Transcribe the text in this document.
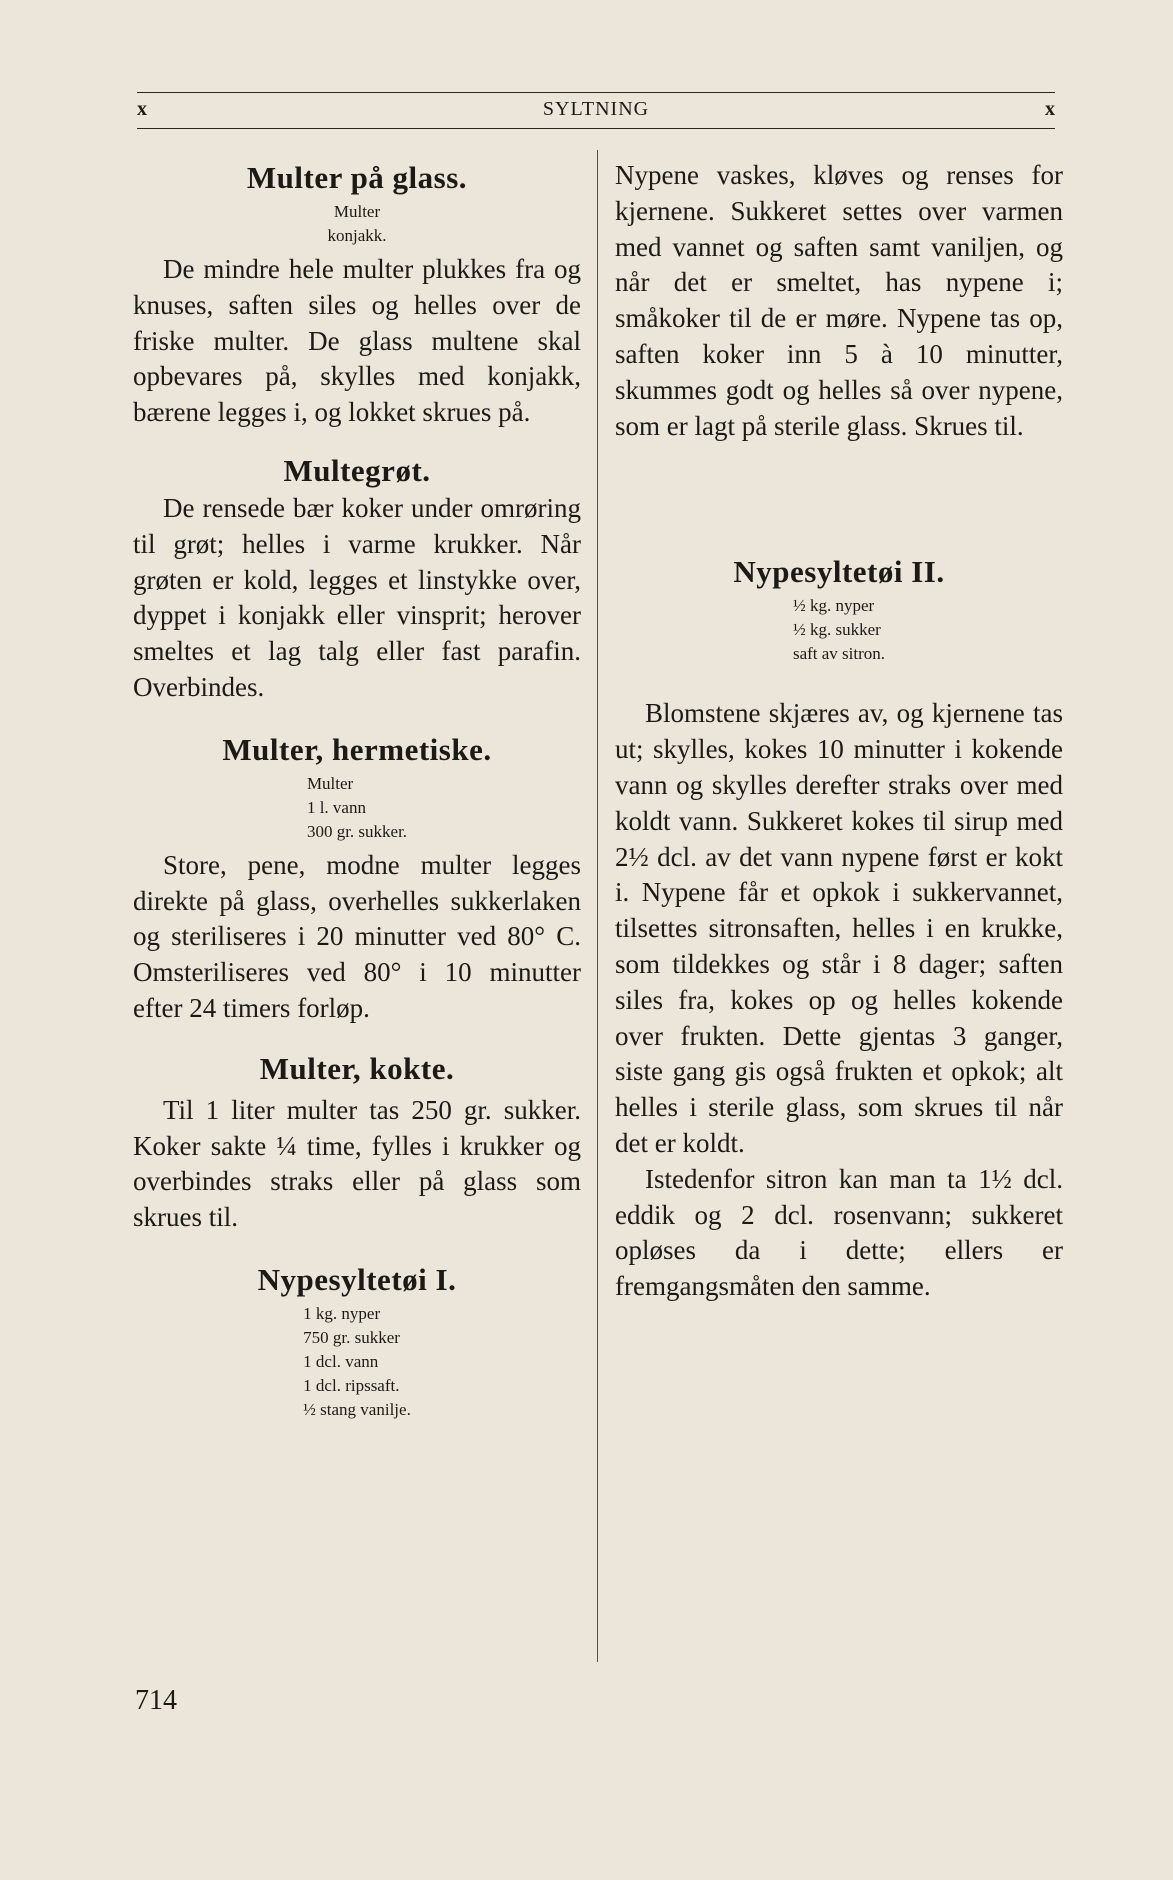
x	SYLTNING	x
Multer på glass.
Multer
konjakk.

De mindre hele multer plukkes fra og knuses, saften siles og helles over de friske multer. De glass multene skal opbevares på, skylles med konjakk, bærene legges i, og lokket skrues på.

Multegrøt.

De rensede bær koker under omrøring til grøt; helles i varme krukker. Når grøten er kold, legges et linstykke over, dyppet i konjakk eller vinsprit; herover smeltes et lag talg eller fast parafin. Overbindes.

Multer, hermetiske.
Multer
1 l. vann
300 gr. sukker.

Store, pene, modne multer legges direkte på glass, overhelles sukkerlaken og steriliseres i 20 minutter ved 80° C. Omsteriliseres ved 80° i 10 minutter efter 24 timers forløp.

Multer, kokte.

Til 1 liter multer tas 250 gr. sukker. Koker sakte ¼ time, fylles i krukker og overbindes straks eller på glass som skrues til.

Nypesyltetøi I.
1 kg. nyper
750 gr. sukker
1 dcl. vann
1 dcl. ripssaft.
½ stang vanilje.

Nypene vaskes, kløves og renses for kjernene. Sukkeret settes over varmen med vannet og saften samt vaniljen, og når det er smeltet, has nypene i; småkoker til de er møre. Nypene tas op, saften koker inn 5 à 10 minutter, skummes godt og helles så over nypene, som er lagt på sterile glass. Skrues til.

Nypesyltetøi II.
½ kg. nyper
½ kg. sukker
saft av sitron.

Blomstene skjæres av, og kjernene tas ut; skylles, kokes 10 minutter i kokende vann og skylles derefter straks over med koldt vann. Sukkeret kokes til sirup med 2½ dcl. av det vann nypene først er kokt i. Nypene får et opkok i sukkervannet, tilsettes sitronsaften, helles i en krukke, som tildekkes og står i 8 dager; saften siles fra, kokes op og helles kokende over frukten. Dette gjentas 3 ganger, siste gang gis også frukten et opkok; alt helles i sterile glass, som skrues til når det er koldt.

Istedenfor sitron kan man ta 1½ dcl. eddik og 2 dcl. rosenvann; sukkeret opløses da i dette; ellers er fremgangsmåten den samme.

714
